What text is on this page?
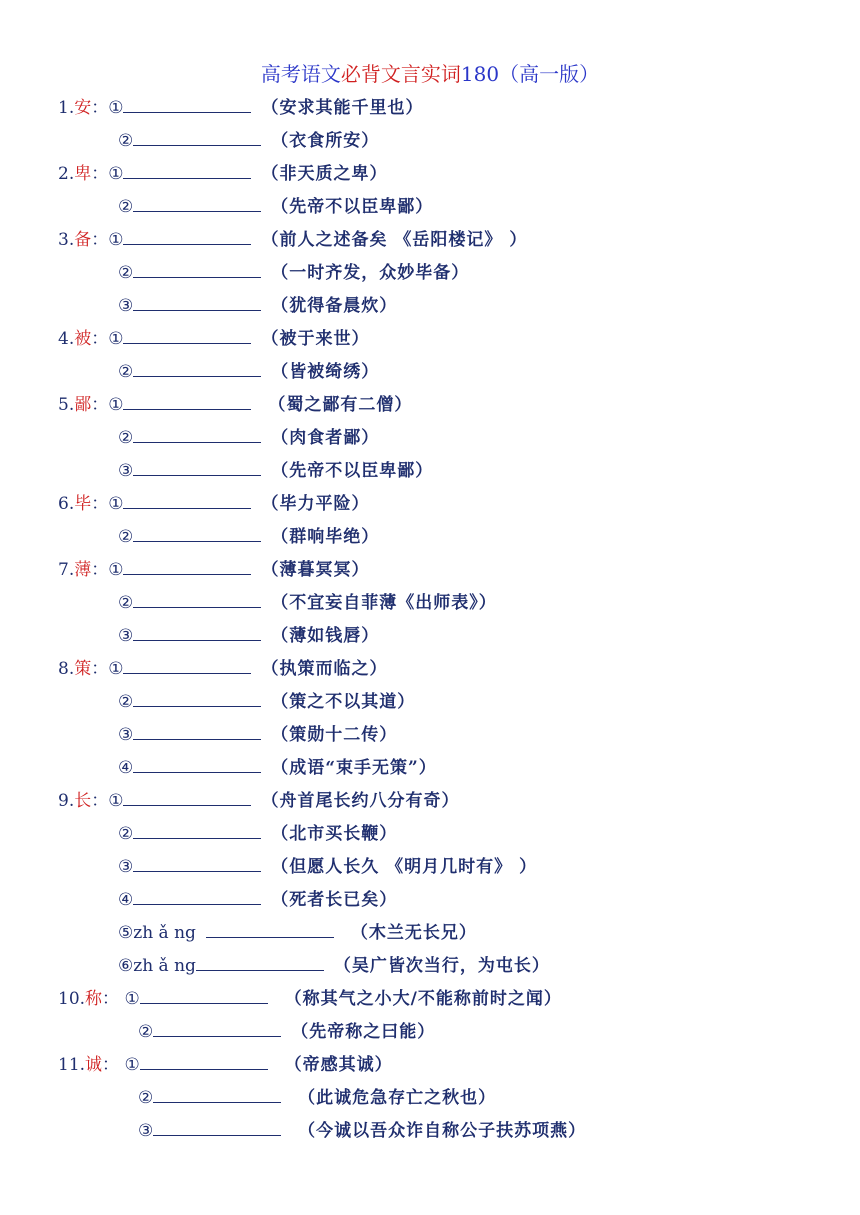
高考语文必背文言实词180（高一版）
1.安：①	（安求其能千里也）
②	（衣食所安）
2.卑：①	（非天质之卑）
②	（先帝不以臣卑鄙）
3.备：①	（前人之述备矣 《岳阳楼记》 ）
②	（一时齐发，众妙毕备）
③	（犹得备晨炊）
4.被：①	（被于来世）
②	（皆被绮绣）
5.鄙：①	（蜀之鄙有二僧）
②	（肉食者鄙）
③	（先帝不以臣卑鄙）
6.毕：①	（毕力平险）
②	（群响毕绝）
7.薄：①	（薄暮冥冥）
②	（不宜妄自菲薄《出师表》）
③	（薄如钱唇）
8.策：①	（执策而临之）
②	（策之不以其道）
③	（策勋十二传）
④	（成语“束手无策”）
9.长：①	（舟首尾长约八分有奇）
②	（北市买长鞭）
③	（但愿人长久 《明月几时有》 ）
④	（死者长已矣）
⑤zh ǎ ng	（木兰无长兄）
⑥zh ǎ ng	（吴广皆次当行，为屯长）
10.称： ①	（称其气之小大/不能称前时之闻）
②	（先帝称之曰能）
11.诚： ①	（帝感其诚）
②	（此诚危急存亡之秋也）
③	（今诚以吾众诈自称公子扶苏项燕）
